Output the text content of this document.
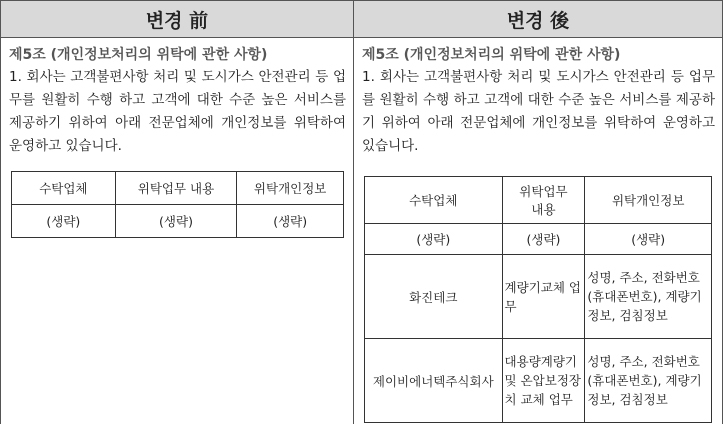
변경 前

제5조 (개인정보처리의 위탁에 관한 사항)

1. 회사는 고객불편사항 처리 및 도시가스 안전관리 등 업무를 원활히 수행 하고 고객에 대한 수준 높은 서비스를 제공하기 위하여 아래 전문업체에 개인정보를 위탁하여 운영하고 있습니다.

수탁업체	위탁업무 내용	위탁개인정보
(생략)	(생략)	(생략)
변경 後

제5조 (개인정보처리의 위탁에 관한 사항)

1. 회사는 고객불편사항 처리 및 도시가스 안전관리 등 업무를 원활히 수행 하고 고객에 대한 수준 높은 서비스를 제공하기 위하여 아래 전문업체에 개인정보를 위탁하여 운영하고 있습니다.

수탁업체	위탁업무 내용	위탁개인정보
(생략)	(생략)	(생략)
화진테크	계량기교체 업무	성명, 주소, 전화번호 (휴대폰번호), 계량기정보, 검침정보
제이비에너텍주식회사	대용량계량기 및 온압보정장치 교체 업무	성명, 주소, 전화번호 (휴대폰번호), 계량기정보, 검침정보
